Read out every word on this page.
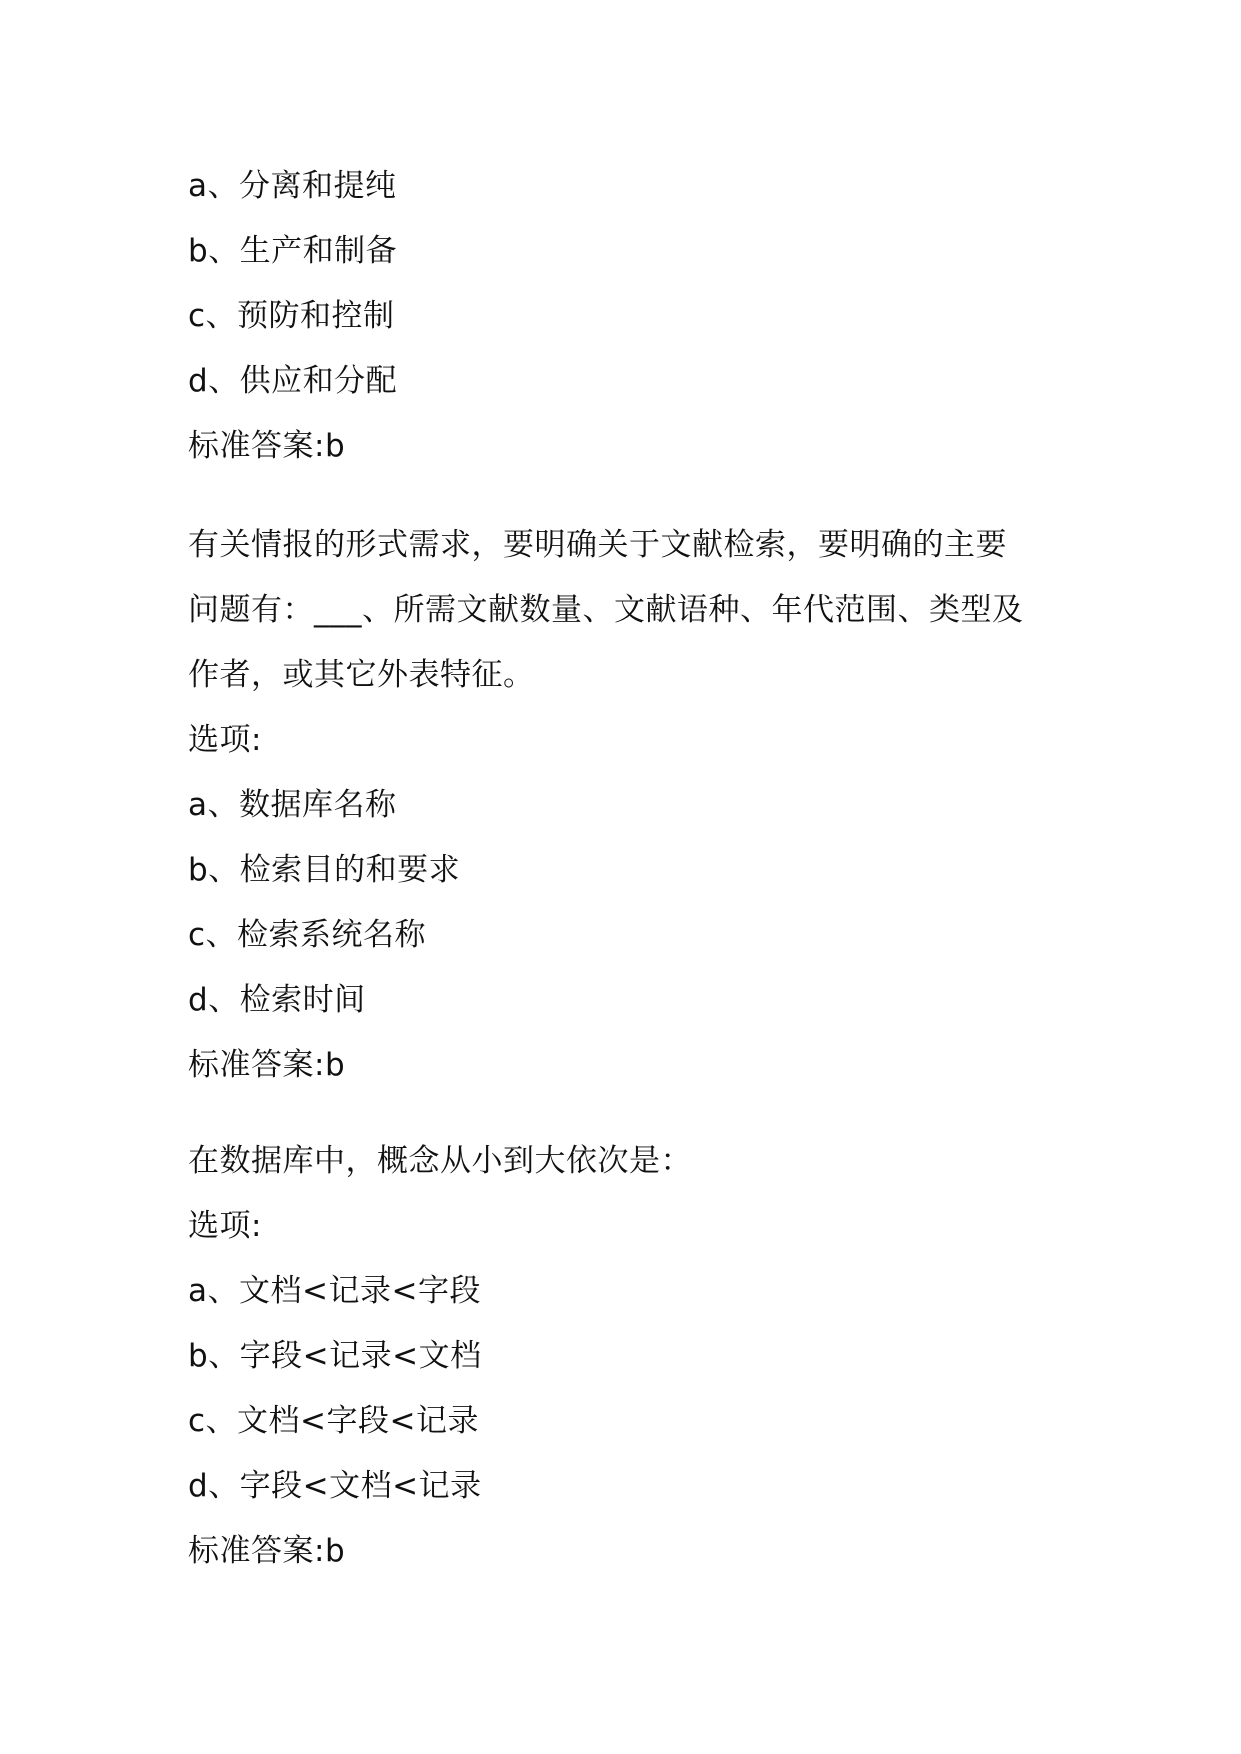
a、分离和提纯
b、生产和制备
c、预防和控制
d、供应和分配
标准答案:b
有关情报的形式需求，要明确关于文献检索，要明确的主要
问题有：___、所需文献数量、文献语种、年代范围、类型及
作者，或其它外表特征。
选项:
a、数据库名称
b、检索目的和要求
c、检索系统名称
d、检索时间
标准答案:b
在数据库中，概念从小到大依次是：
选项:
a、文档<记录<字段
b、字段<记录<文档
c、文档<字段<记录
d、字段<文档<记录
标准答案:b
